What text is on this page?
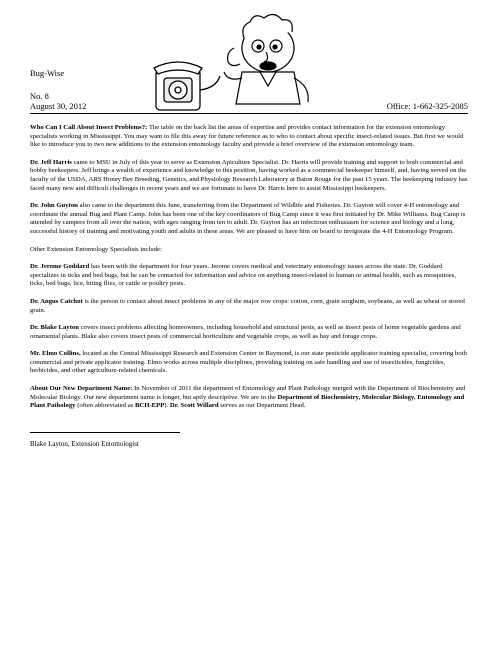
Bug-Wise
No. 8
August 30, 2012	Office: 1-662-325-2085

Who Can I Call About Insect Problems?: The table on the back list the areas of expertise and provides contact information for the extension entomology specialists working in Mississippi. You may want to file this away for future reference as to who to contact about specific insect-related issues. But first we would like to introduce you to two new additions to the extension entomology faculty and provide a brief overview of the extension entomology team.

Dr. Jeff Harris came to MSU in July of this year to serve as Extension Apiculture Specialist. Dr. Harris will provide training and support to both commercial and hobby beekeepers. Jeff brings a wealth of experience and knowledge to this position, having worked as a commercial beekeeper himself, and, having served on the faculty of the USDA, ARS Honey Bee Breeding, Genetics, and Physiology Research Laboratory at Baton Rouge for the past 15 years. The beekeeping industry has faced many new and difficult challenges in recent years and we are fortunate to have Dr. Harris here to assist Mississippi beekeepers.

Dr. John Guyton also came to the department this June, transferring from the Department of Wildlife and Fisheries. Dr. Guyton will cover 4-H entomology and coordinate the annual Bug and Plant Camp. John has been one of the key coordinators of Bug Camp since it was first initiated by Dr. Mike Williams. Bug Camp is attended by campers from all over the nation, with ages ranging from ten to adult. Dr. Guyton has an infectious enthusiasm for science and biology and a long, successful history of training and motivating youth and adults in these areas. We are pleased to have him on board to invigorate the 4-H Entomology Program.

Other Extension Entomology Specialists include:

Dr. Jerome Goddard has been with the department for four years. Jerome covers medical and veterinary entomology issues across the state. Dr. Goddard specializes in ticks and bed bugs, but he can be contacted for information and advice on anything insect-related to human or animal health, such as mosquitoes, ticks, bed bugs, lice, biting flies, or cattle or poultry pests.

Dr. Angus Catchot is the person to contact about insect problems in any of the major row crops: cotton, corn, grain sorghum, soybeans, as well as wheat or stored grain.

Dr. Blake Layton covers insect problems affecting homeowners, including household and structural pests, as well as insect pests of home vegetable gardens and ornamental plants. Blake also covers insect pests of commercial horticulture and vegetable crops, as well as hay and forage crops.

Mr. Elmo Collins, located at the Central Mississippi Research and Extension Center in Raymond, is our state pesticide applicator training specialist, covering both commercial and private applicator training. Elmo works across multiple disciplines, providing training on safe handling and use of insecticides, fungicides, herbicides, and other agriculture-related chemicals.

About Our New Department Name: In November of 2011 the department of Entomology and Plant Pathology merged with the Department of Biochemistry and Molecular Biology. Our new department name is longer, but aptly descriptive. We are in the Department of Biochemistry, Molecular Biology, Entomology and Plant Pathology (often abbreviated as BCH-EPP). Dr. Scott Willard serves as our Department Head.

Blake Layton, Extension Entomologist
